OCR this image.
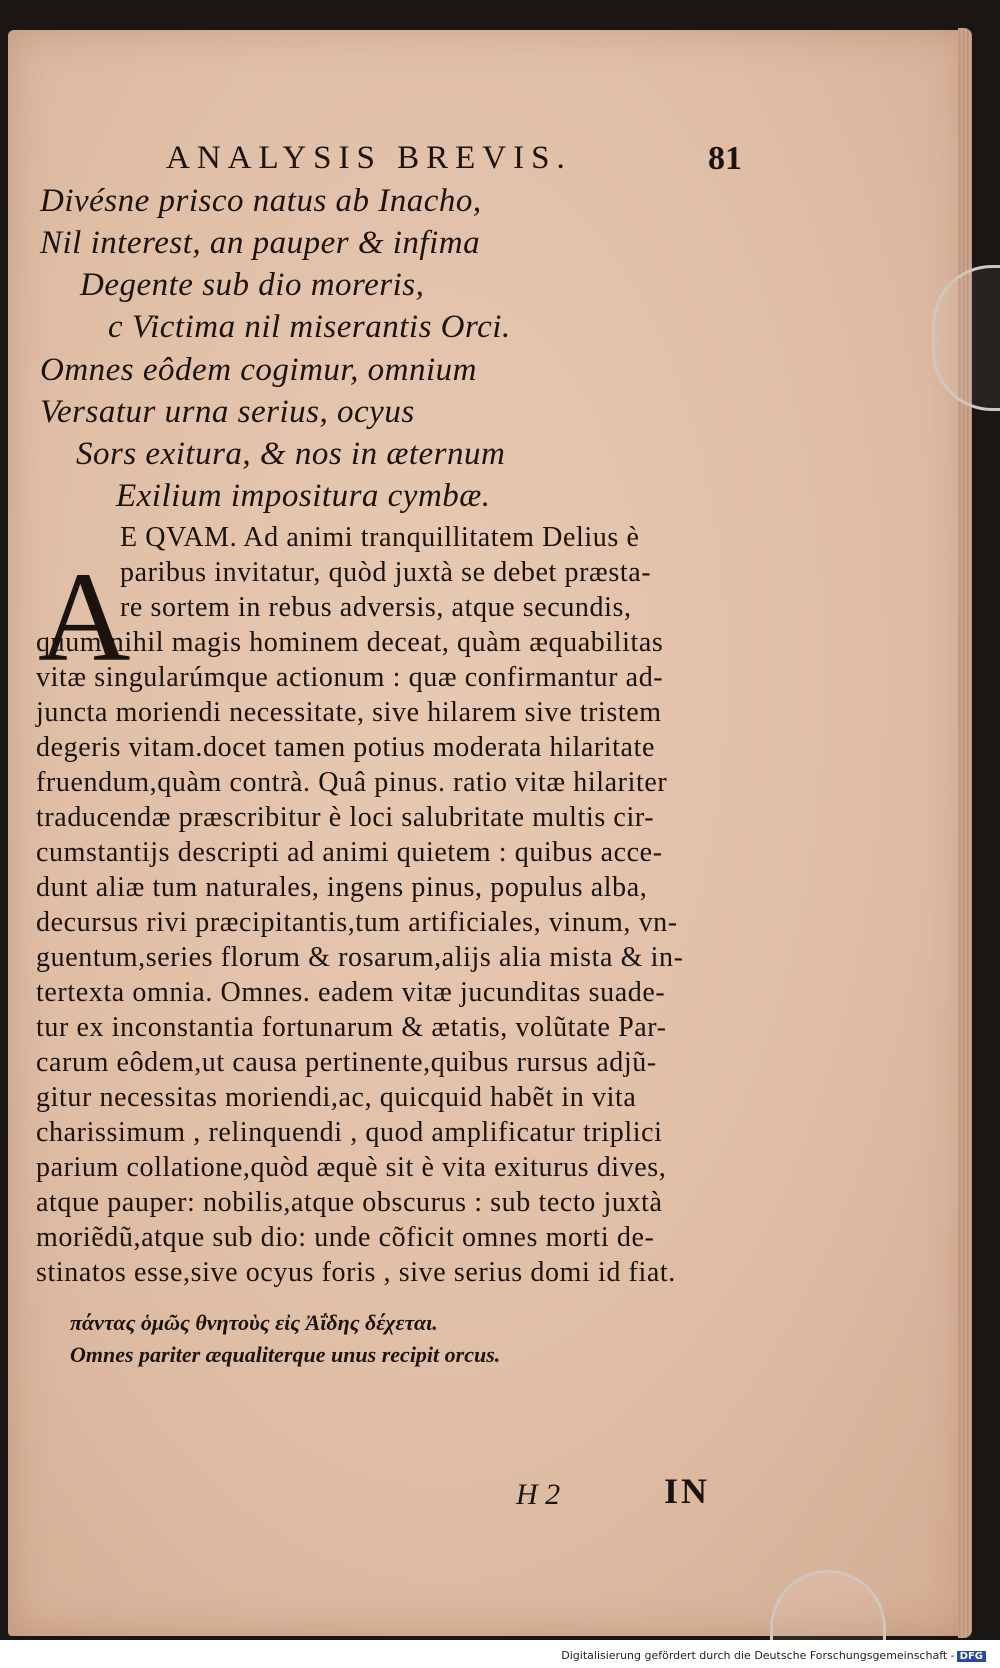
ANALYSIS BREVIS.	81
Divésne prisco natus ab Inacho,
Nil interest, an pauper & infima
Degente sub dio moreris,
c Victima nil miserantis Orci.
Omnes eôdem cogimur, omnium
Versatur urna serius, ocyus
Sors exitura, & nos in æternum
Exilium impositura cymbæ.
A
E QVAM. Ad animi tranquillitatem Delius è
paribus invitatur, quòd juxtà se debet præsta-
re sortem in rebus adversis, atque secundis,
quum nihil magis hominem deceat, quàm æquabilitas
vitæ singularúmque actionum : quæ confirmantur ad-
juncta moriendi necessitate, sive hilarem sive tristem
degeris vitam.docet tamen potius moderata hilaritate
fruendum,quàm contrà. Quâ pinus. ratio vitæ hilariter
traducendæ præscribitur è loci salubritate multis cir-
cumstantijs descripti ad animi quietem : quibus acce-
dunt aliæ tum naturales, ingens pinus, populus alba,
decursus rivi præcipitantis,tum artificiales, vinum, vn-
guentum,series florum & rosarum,alijs alia mista & in-
tertexta omnia. Omnes. eadem vitæ jucunditas suade-
tur ex inconstantia fortunarum & ætatis, volũtate Par-
carum eôdem,ut causa pertinente,quibus rursus adjũ-
gitur necessitas moriendi,ac, quicquid habẽt in vita
charissimum , relinquendi , quod amplificatur triplici
parium collatione,quòd æquè sit è vita exiturus dives,
atque pauper: nobilis,atque obscurus : sub tecto juxtà
moriẽdũ,atque sub dio: unde cõficit omnes morti de-
stinatos esse,sive ocyus foris , sive serius domi id fiat.
πάντας ὁμῶς θνητοὺς εἰς Ἀΐδης δέχεται.
Omnes pariter æqualiterque unus recipit orcus.
H 2	IN
Digitalisierung gefördert durch die Deutsche Forschungsgemeinschaft - DFG
